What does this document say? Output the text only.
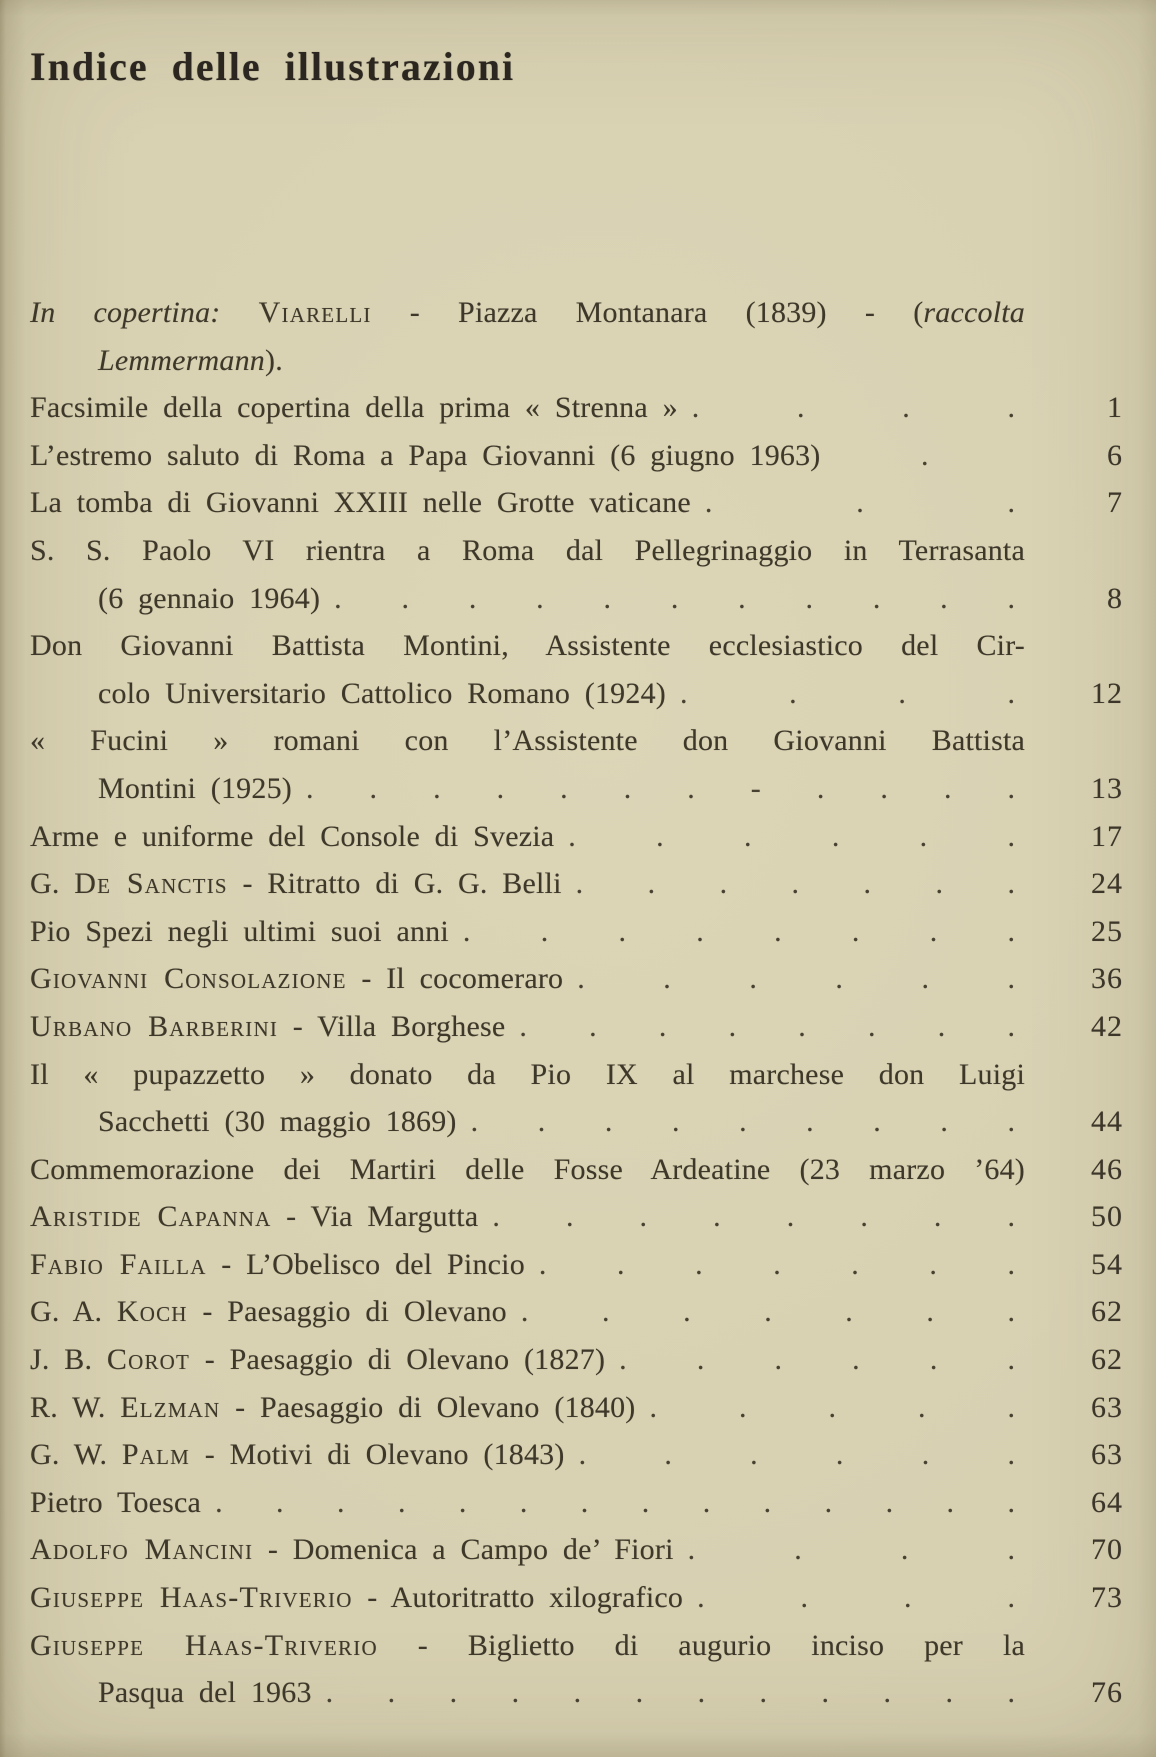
Indice delle illustrazioni
In copertina: Viarelli - Piazza Montanara (1839) - (raccolta
Lemmermann).
Facsimile della copertina della prima « Strenna » . . . .	1
L’estremo saluto di Roma a Papa Giovanni (6 giugno 1963)	.	6
La tomba di Giovanni XXIII nelle Grotte vaticane . . .	7
S. S. Paolo VI rientra a Roma dal Pellegrinaggio in Terrasanta
(6 gennaio 1964) . . . . . . . . . . .	8
Don Giovanni Battista Montini, Assistente ecclesiastico del Cir-
colo Universitario Cattolico Romano (1924) . . . .	12
« Fucini » romani con l’Assistente don Giovanni Battista
Montini (1925) . . . . . . . - . . . .	13
Arme e uniforme del Console di Svezia . . . . . .	17
G. De Sanctis - Ritratto di G. G. Belli . . . . . . .	24
Pio Spezi negli ultimi suoi anni . . . . . . . .	25
Giovanni Consolazione - Il cocomeraro . . . . . .	36
Urbano Barberini - Villa Borghese . . . . . . . .	42
Il « pupazzetto » donato da Pio IX al marchese don Luigi
Sacchetti (30 maggio 1869) . . . . . . . . .	44
Commemorazione dei Martiri delle Fosse Ardeatine (23 marzo ’64)	46
Aristide Capanna - Via Margutta . . . . . . . .	50
Fabio Failla - L’Obelisco del Pincio . . . . . . .	54
G. A. Koch - Paesaggio di Olevano . . . . . . .	62
J. B. Corot - Paesaggio di Olevano (1827) . . . . . .	62
R. W. Elzman - Paesaggio di Olevano (1840) . . . . .	63
G. W. Palm - Motivi di Olevano (1843) . . . . . .	63
Pietro Toesca . . . . . . . . . . . . . .	64
Adolfo Mancini - Domenica a Campo de’ Fiori . . . .	70
Giuseppe Haas-Triverio - Autoritratto xilografico . . . .	73
Giuseppe Haas-Triverio - Biglietto di augurio inciso per la
Pasqua del 1963 . . . . . . . . . . . .	76
